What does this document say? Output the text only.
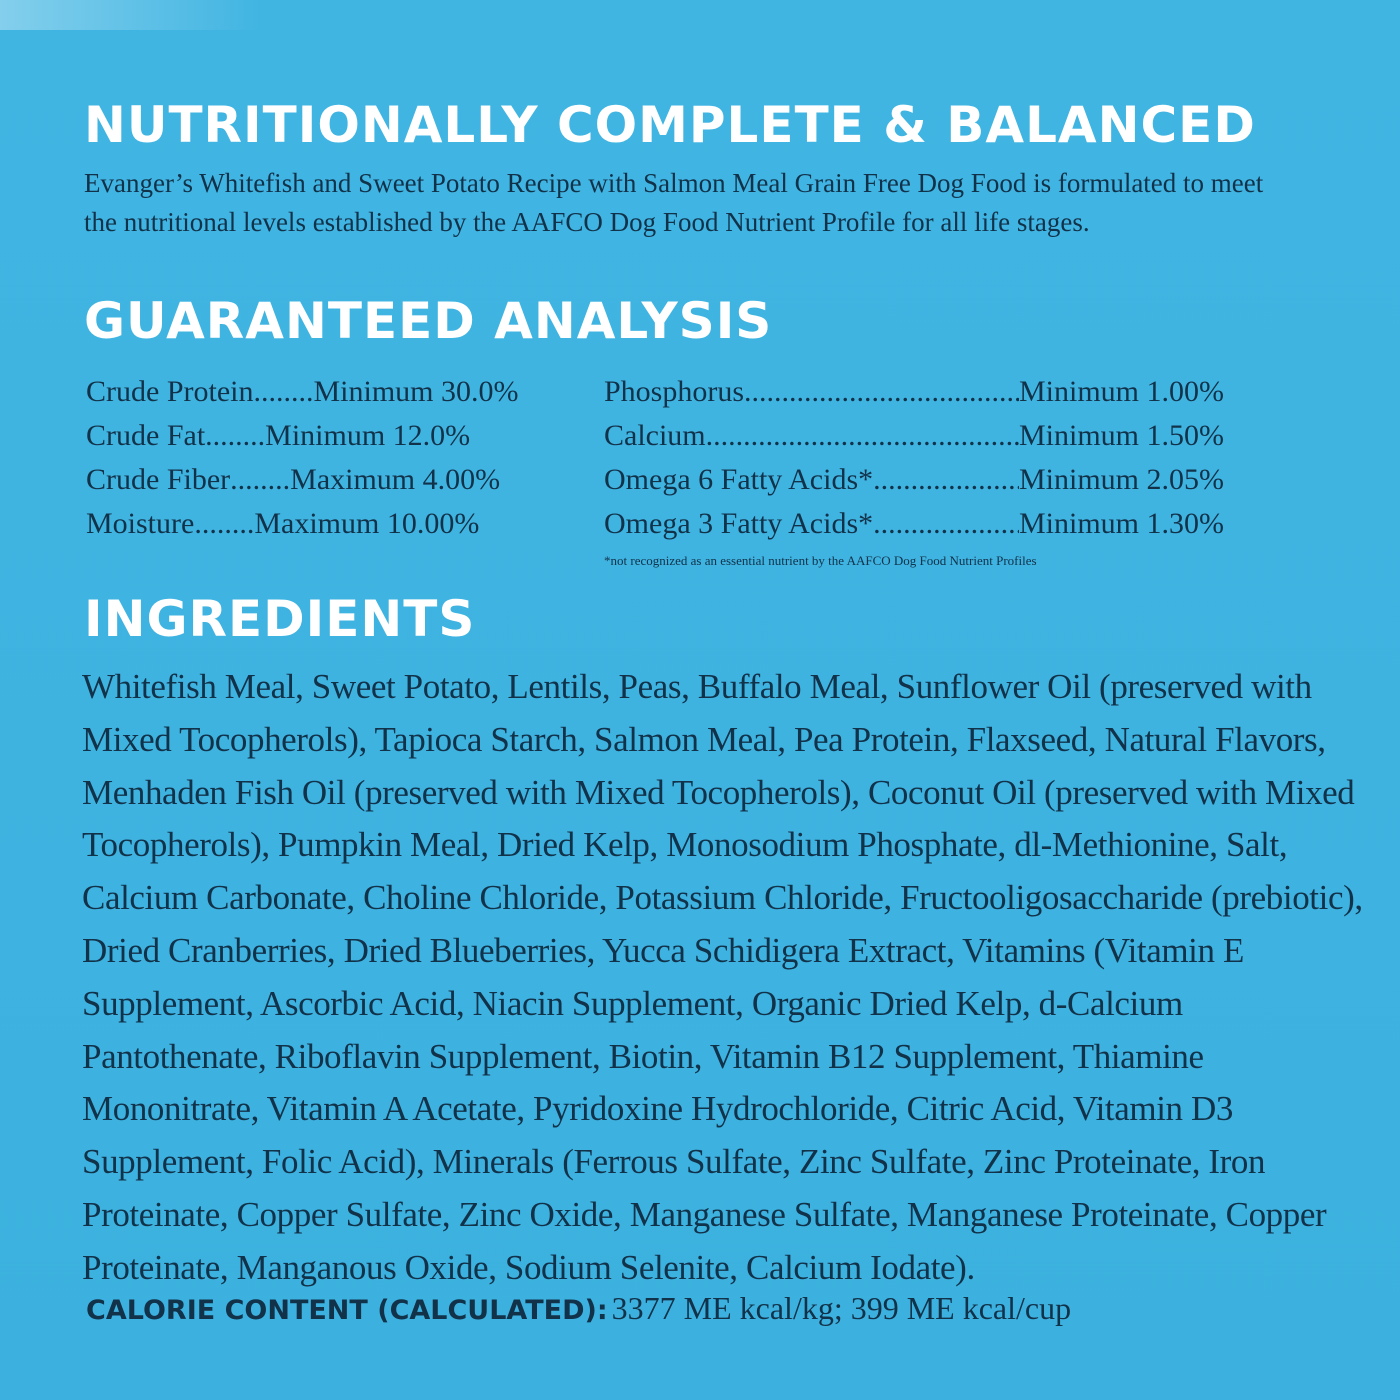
NUTRITIONALLY COMPLETE & BALANCED

Evanger’s Whitefish and Sweet Potato Recipe with Salmon Meal Grain Free Dog Food is formulated to meet the nutritional levels established by the AAFCO Dog Food Nutrient Profile for all life stages.

GUARANTEED ANALYSIS
Crude Protein ..... Minimum 30.0%
Crude Fat ..... Minimum 12.0%
Crude Fiber ..... Maximum 4.00%
Moisture ..... Maximum 10.00%
Phosphorus .....	Minimum 1.00%
Calcium .....	Minimum 1.50%
Omega 6 Fatty Acids* .....	Minimum 2.05%
Omega 3 Fatty Acids* .....	Minimum 1.30%

*not recognized as an essential nutrient by the AAFCO Dog Food Nutrient Profiles

INGREDIENTS

Whitefish Meal, Sweet Potato, Lentils, Peas, Buffalo Meal, Sunflower Oil (preserved with Mixed Tocopherols), Tapioca Starch, Salmon Meal, Pea Protein, Flaxseed, Natural Flavors, Menhaden Fish Oil (preserved with Mixed Tocopherols), Coconut Oil (preserved with Mixed Tocopherols), Pumpkin Meal, Dried Kelp, Monosodium Phosphate, dl-Methionine, Salt, Calcium Carbonate, Choline Chloride, Potassium Chloride, Fructooligosaccharide (prebiotic), Dried Cranberries, Dried Blueberries, Yucca Schidigera Extract, Vitamins (Vitamin E Supplement, Ascorbic Acid, Niacin Supplement, Organic Dried Kelp, d-Calcium Pantothenate, Riboflavin Supplement, Biotin, Vitamin B12 Supplement, Thiamine Mononitrate, Vitamin A Acetate, Pyridoxine Hydrochloride, Citric Acid, Vitamin D3 Supplement, Folic Acid), Minerals (Ferrous Sulfate, Zinc Sulfate, Zinc Proteinate, Iron Proteinate, Copper Sulfate, Zinc Oxide, Manganese Sulfate, Manganese Proteinate, Copper Proteinate, Manganous Oxide, Sodium Selenite, Calcium Iodate).

CALORIE CONTENT (CALCULATED): 3377 ME kcal/kg; 399 ME kcal/cup
